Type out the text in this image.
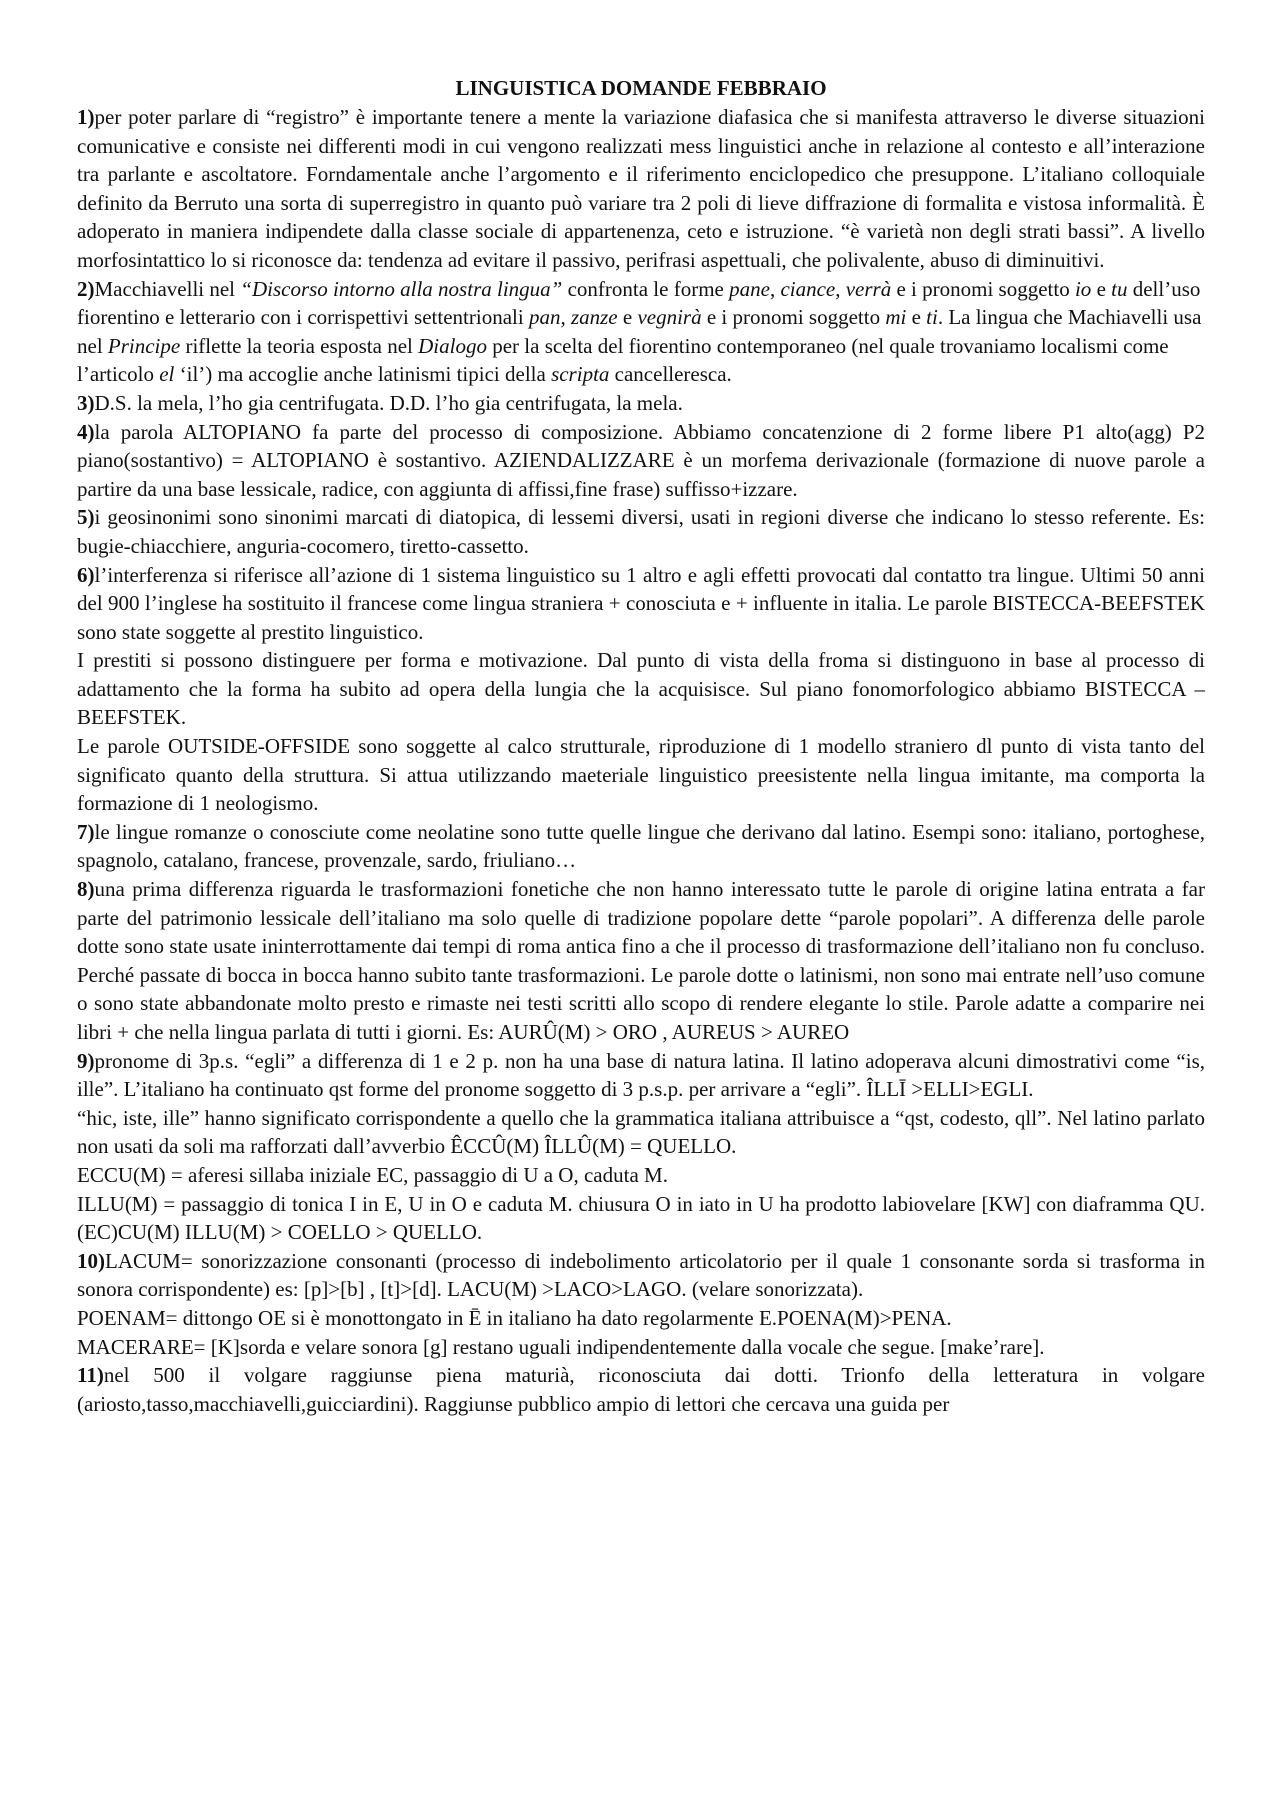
LINGUISTICA DOMANDE FEBBRAIO

1)per poter parlare di “registro” è importante tenere a mente la variazione diafasica che si manifesta attraverso le diverse situazioni comunicative e consiste nei differenti modi in cui vengono realizzati mess linguistici anche in relazione al contesto e all’interazione tra parlante e ascoltatore. Forndamentale anche l’argomento e il riferimento enciclopedico che presuppone. L’italiano colloquiale definito da Berruto una sorta di superregistro in quanto può variare tra 2 poli di lieve diffrazione di formalita e vistosa informalità. È adoperato in maniera indipendete dalla classe sociale di appartenenza, ceto e istruzione. “è varietà non degli strati bassi”. A livello morfosintattico lo si riconosce da: tendenza ad evitare il passivo, perifrasi aspettuali, che polivalente, abuso di diminuitivi.

2)Macchiavelli nel “Discorso intorno alla nostra lingua” confronta le forme pane, ciance, verrà e i pronomi soggetto io e tu dell’uso fiorentino e letterario con i corrispettivi settentrionali pan, zanze e vegnirà e i pronomi soggetto mi e ti. La lingua che Machiavelli usa nel Principe riflette la teoria esposta nel Dialogo per la scelta del fiorentino contemporaneo (nel quale trovaniamo localismi come l’articolo el ‘il’) ma accoglie anche latinismi tipici della scripta cancelleresca.

3)D.S. la mela, l’ho gia centrifugata. D.D. l’ho gia centrifugata, la mela.

4)la parola ALTOPIANO fa parte del processo di composizione. Abbiamo concatenzione di 2 forme libere P1 alto(agg) P2 piano(sostantivo) = ALTOPIANO è sostantivo. AZIENDALIZZARE è un morfema derivazionale (formazione di nuove parole a partire da una base lessicale, radice, con aggiunta di affissi,fine frase) suffisso+izzare.

5)i geosinonimi sono sinonimi marcati di diatopica, di lessemi diversi, usati in regioni diverse che indicano lo stesso referente. Es: bugie-chiacchiere, anguria-cocomero, tiretto-cassetto.

6)l’interferenza si riferisce all’azione di 1 sistema linguistico su 1 altro e agli effetti provocati dal contatto tra lingue. Ultimi 50 anni del 900 l’inglese ha sostituito il francese come lingua straniera + conosciuta e + influente in italia. Le parole BISTECCA-BEEFSTEK sono state soggette al prestito linguistico.

I prestiti si possono distinguere per forma e motivazione. Dal punto di vista della froma si distinguono in base al processo di adattamento che la forma ha subito ad opera della lungia che la acquisisce. Sul piano fonomorfologico abbiamo BISTECCA – BEEFSTEK.

Le parole OUTSIDE-OFFSIDE sono soggette al calco strutturale, riproduzione di 1 modello straniero dl punto di vista tanto del significato quanto della struttura. Si attua utilizzando maeteriale linguistico preesistente nella lingua imitante, ma comporta la formazione di 1 neologismo.

7)le lingue romanze o conosciute come neolatine sono tutte quelle lingue che derivano dal latino. Esempi sono: italiano, portoghese, spagnolo, catalano, francese, provenzale, sardo, friuliano…

8)una prima differenza riguarda le trasformazioni fonetiche che non hanno interessato tutte le parole di origine latina entrata a far parte del patrimonio lessicale dell’italiano ma solo quelle di tradizione popolare dette “parole popolari”. A differenza delle parole dotte sono state usate ininterrottamente dai tempi di roma antica fino a che il processo di trasformazione dell’italiano non fu concluso. Perché passate di bocca in bocca hanno subito tante trasformazioni. Le parole dotte o latinismi, non sono mai entrate nell’uso comune o sono state abbandonate molto presto e rimaste nei testi scritti allo scopo di rendere elegante lo stile. Parole adatte a comparire nei libri + che nella lingua parlata di tutti i giorni. Es: AURÛ(M) > ORO , AUREUS > AUREO

9)pronome di 3p.s. “egli” a differenza di 1 e 2 p. non ha una base di natura latina. Il latino adoperava alcuni dimostrativi come “is, ille”. L’italiano ha continuato qst forme del pronome soggetto di 3 p.s.p. per arrivare a “egli”. ÎLLĪ >ELLI>EGLI.

“hic, iste, ille” hanno significato corrispondente a quello che la grammatica italiana attribuisce a “qst, codesto, qll”. Nel latino parlato non usati da soli ma rafforzati dall’avverbio ÊCCÛ(M) ÎLLÛ(M) = QUELLO.

ECCU(M) = aferesi sillaba iniziale EC, passaggio di U a O, caduta M.

ILLU(M) = passaggio di tonica I in E, U in O e caduta M. chiusura O in iato in U ha prodotto labiovelare [KW] con diaframma QU. (EC)CU(M) ILLU(M) > COELLO > QUELLO.

10)LACUM= sonorizzazione consonanti (processo di indebolimento articolatorio per il quale 1 consonante sorda si trasforma in sonora corrispondente) es: [p]>[b] , [t]>[d]. LACU(M) >LACO>LAGO. (velare sonorizzata).

POENAM= dittongo OE si è monottongato in Ē in italiano ha dato regolarmente E.POENA(M)>PENA.

MACERARE= [K]sorda e velare sonora [g] restano uguali indipendentemente dalla vocale che segue. [make’rare].

11)nel 500 il volgare raggiunse piena maturià, riconosciuta dai dotti. Trionfo della letteratura in volgare (ariosto,tasso,macchiavelli,guicciardini). Raggiunse pubblico ampio di lettori che cercava una guida per
